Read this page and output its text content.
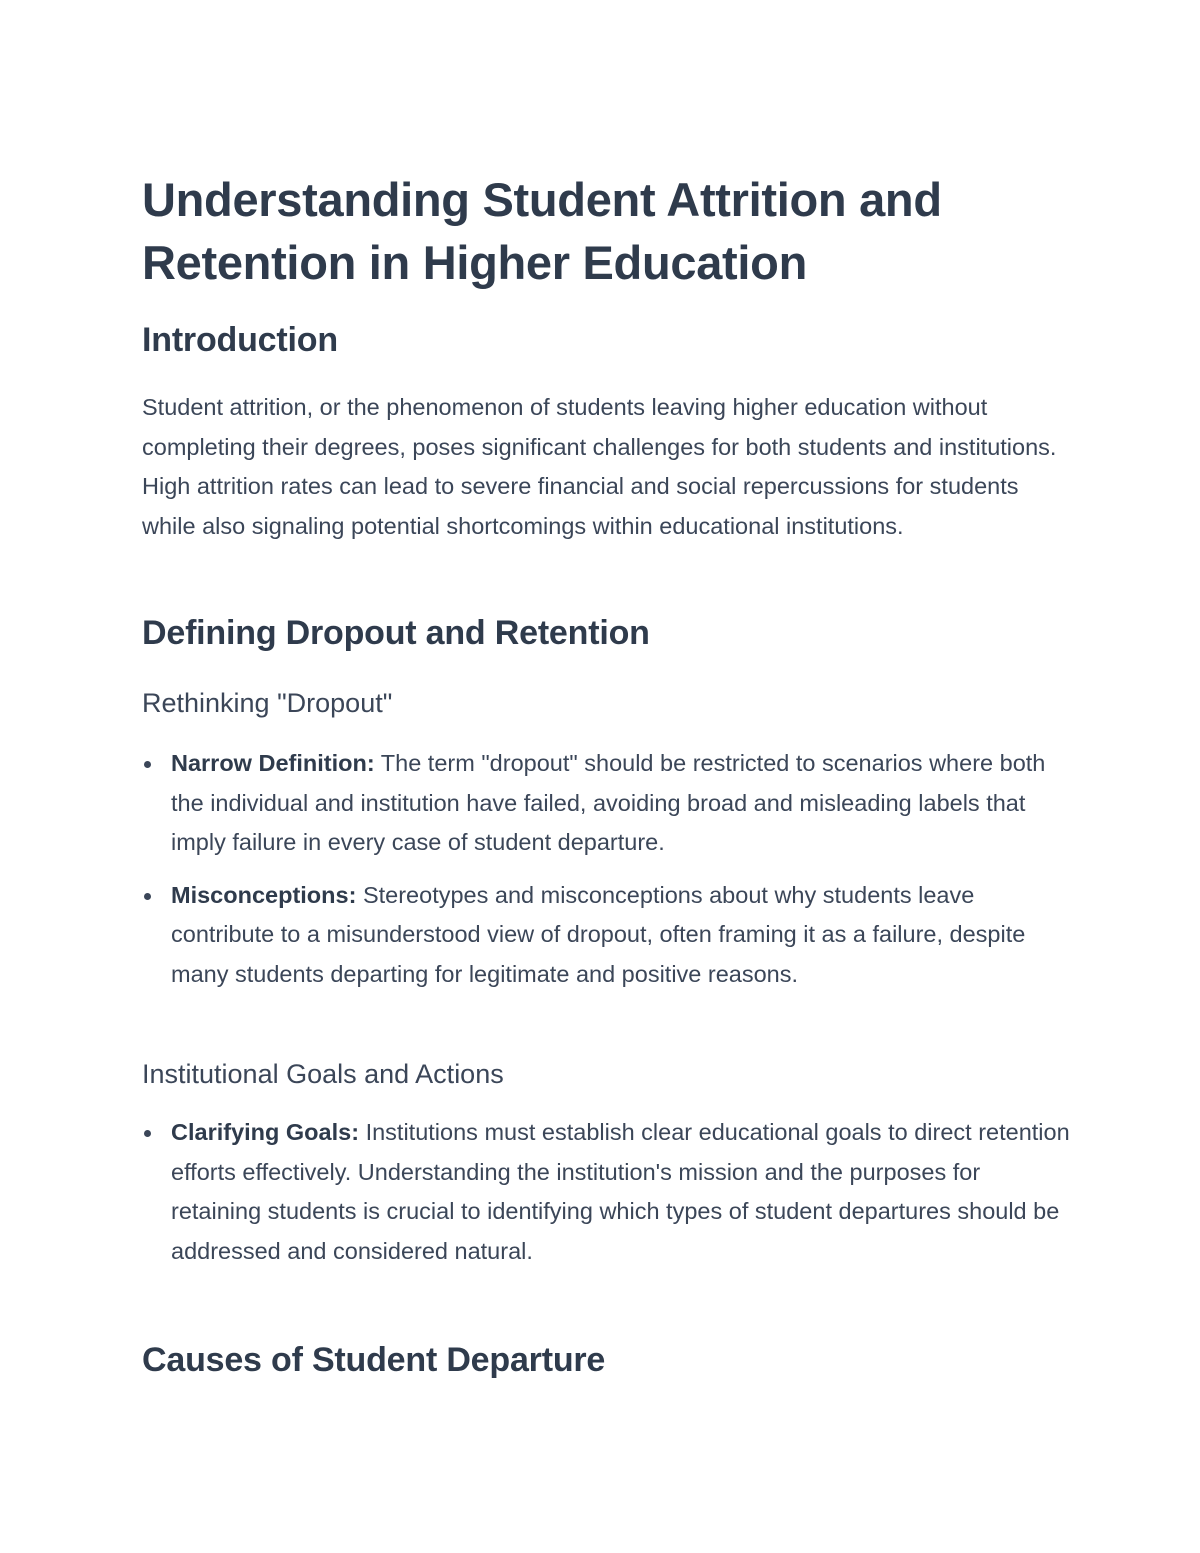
Understanding Student Attrition and Retention in Higher Education
Introduction

Student attrition, or the phenomenon of students leaving higher education without completing their degrees, poses significant challenges for both students and institutions. High attrition rates can lead to severe financial and social repercussions for students while also signaling potential shortcomings within educational institutions.

Defining Dropout and Retention
Rethinking "Dropout"
Narrow Definition: The term "dropout" should be restricted to scenarios where both the individual and institution have failed, avoiding broad and misleading labels that imply failure in every case of student departure.
Misconceptions: Stereotypes and misconceptions about why students leave contribute to a misunderstood view of dropout, often framing it as a failure, despite many students departing for legitimate and positive reasons.
Institutional Goals and Actions
Clarifying Goals: Institutions must establish clear educational goals to direct retention efforts effectively. Understanding the institution's mission and the purposes for retaining students is crucial to identifying which types of student departures should be addressed and considered natural.
Causes of Student Departure
